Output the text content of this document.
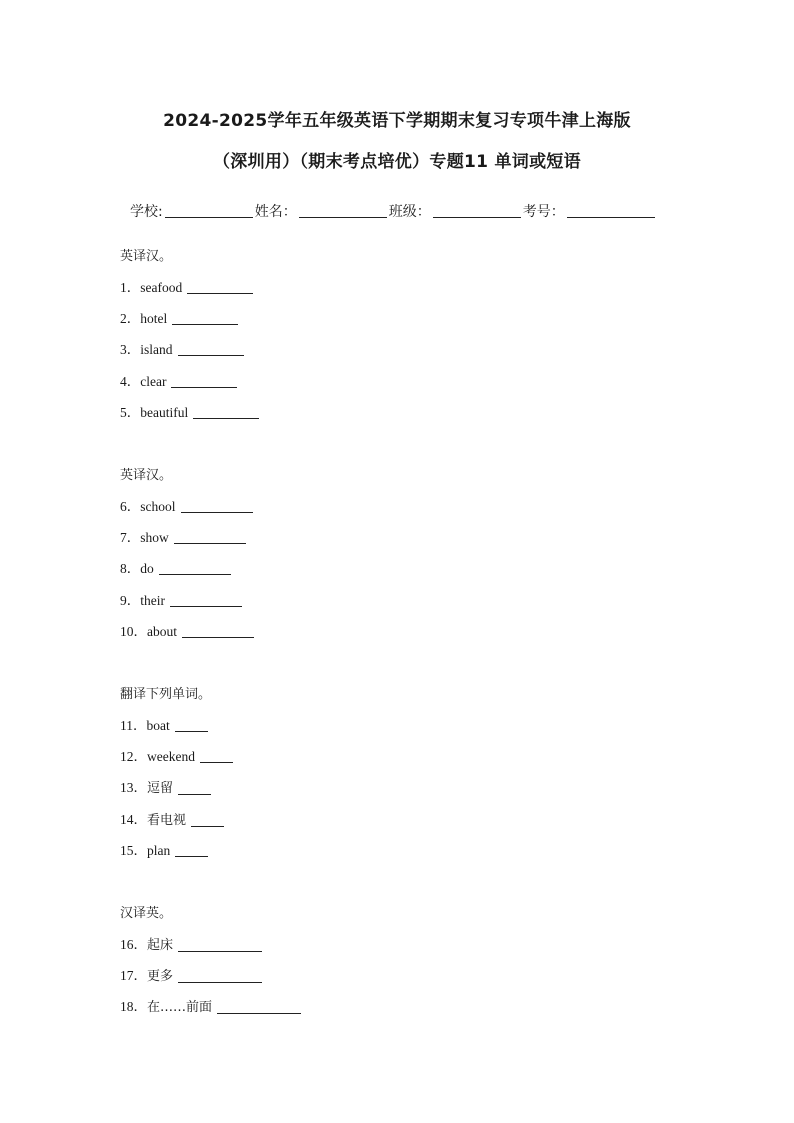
2024-2025学年五年级英语下学期期末复习专项牛津上海版
（深圳用）（期末考点培优）专题11 单词或短语
学校:	姓名：	班级：	考号：
英译汉。
1．seafood
2．hotel
3．island
4．clear
5．beautiful
英译汉。
6．school
7．show
8．do
9．their
10．about
翻译下列单词。
11．boat
12．weekend
13．逗留
14．看电视
15．plan
汉译英。
16．起床
17．更多
18．在……前面
